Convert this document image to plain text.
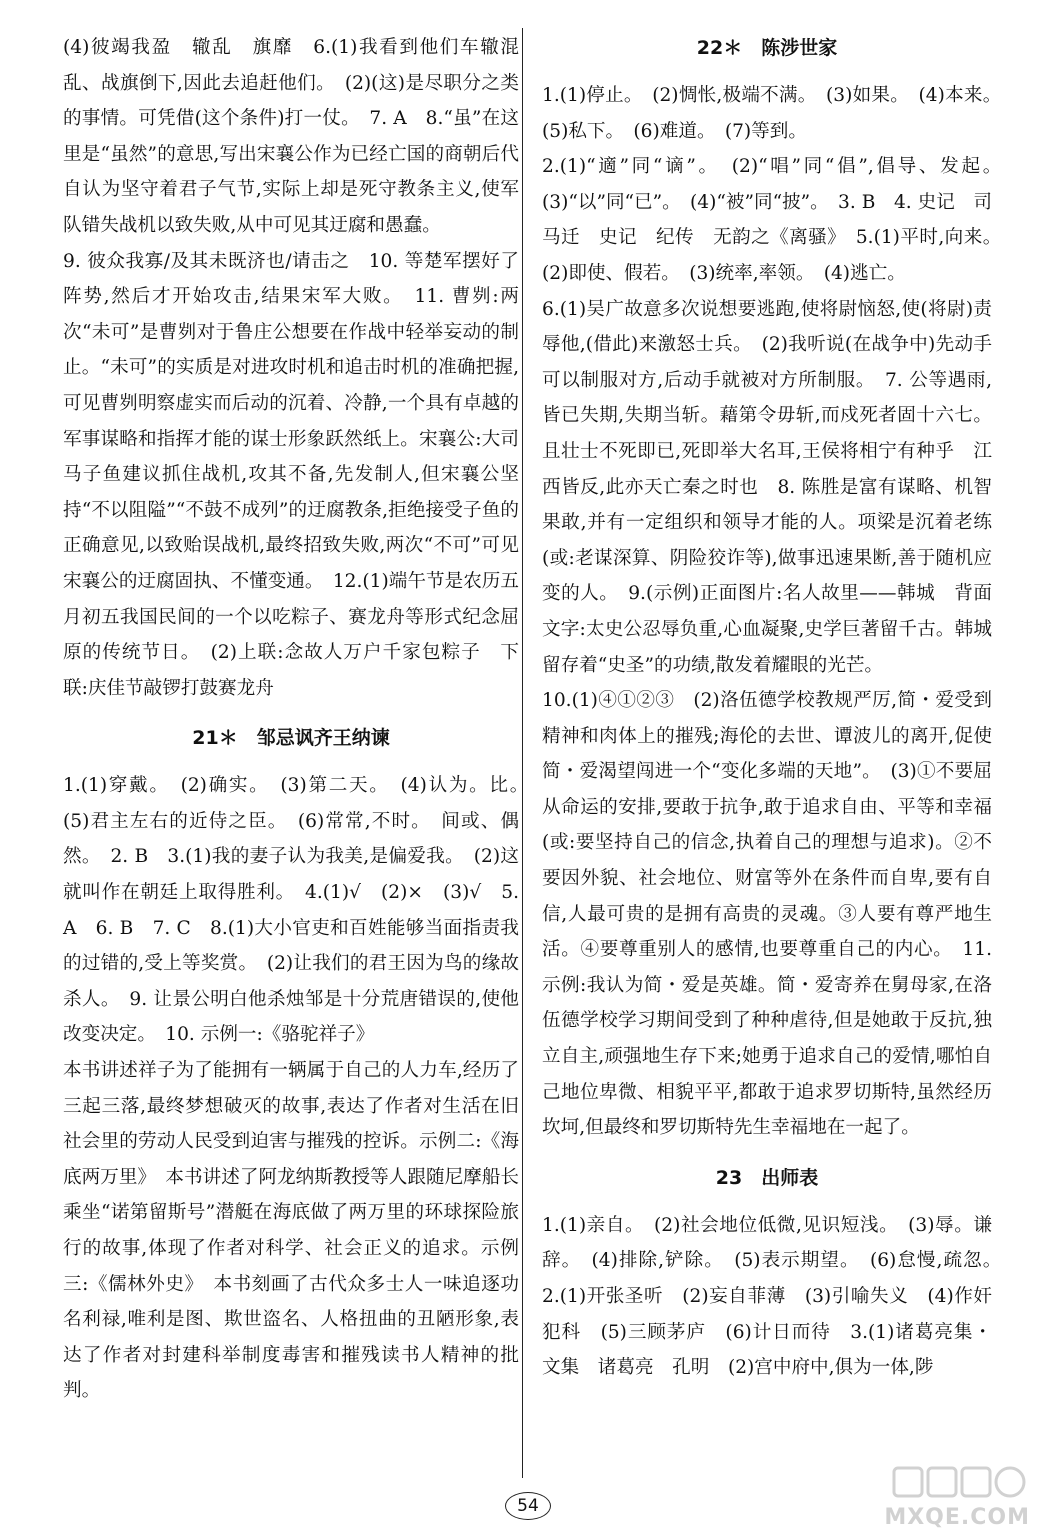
(4)彼竭我盈　辙乱　旗靡　6.(1)我看到他们车辙混乱、战旗倒下,因此去追赶他们。　(2)(这)是尽职分之类的事情。可凭借(这个条件)打一仗。　7. A　8.“虽”在这里是“虽然”的意思,写出宋襄公作为已经亡国的商朝后代自认为坚守着君子气节,实际上却是死守教条主义,使军队错失战机以致失败,从中可见其迂腐和愚蠢。

9. 彼众我寡/及其未既济也/请击之　10. 等楚军摆好了阵势,然后才开始攻击,结果宋军大败。　11. 曹刿:两次“未可”是曹刿对于鲁庄公想要在作战中轻举妄动的制止。“未可”的实质是对进攻时机和追击时机的准确把握,可见曹刿明察虚实而后动的沉着、冷静,一个具有卓越的军事谋略和指挥才能的谋士形象跃然纸上。宋襄公:大司马子鱼建议抓住战机,攻其不备,先发制人,但宋襄公坚持“不以阻隘”“不鼓不成列”的迂腐教条,拒绝接受子鱼的正确意见,以致贻误战机,最终招致失败,两次“不可”可见宋襄公的迂腐固执、不懂变通。　12.(1)端午节是农历五月初五我国民间的一个以吃粽子、赛龙舟等形式纪念屈原的传统节日。　(2)上联:念故人万户千家包粽子　下联:庆佳节敲锣打鼓赛龙舟

21＊　邹忌讽齐王纳谏

1.(1)穿戴。　(2)确实。　(3)第二天。　(4)认为。比。　(5)君主左右的近侍之臣。　(6)常常,不时。　间或、偶然。　2. B　3.(1)我的妻子认为我美,是偏爱我。　(2)这就叫作在朝廷上取得胜利。　4.(1)√　(2)×　(3)√　5. A　6. B　7. C　8.(1)大小官吏和百姓能够当面指责我的过错的,受上等奖赏。　(2)让我们的君王因为鸟的缘故杀人。　9. 让景公明白他杀烛邹是十分荒唐错误的,使他改变决定。　10. 示例一:《骆驼祥子》

本书讲述祥子为了能拥有一辆属于自己的人力车,经历了三起三落,最终梦想破灭的故事,表达了作者对生活在旧社会里的劳动人民受到迫害与摧残的控诉。示例二:《海底两万里》　本书讲述了阿龙纳斯教授等人跟随尼摩船长乘坐“诺第留斯号”潜艇在海底做了两万里的环球探险旅行的故事,体现了作者对科学、社会正义的追求。示例三:《儒林外史》　本书刻画了古代众多士人一味追逐功名利禄,唯利是图、欺世盗名、人格扭曲的丑陋形象,表达了作者对封建科举制度毒害和摧残读书人精神的批判。

22＊　陈涉世家

1.(1)停止。　(2)惆怅,极端不满。　(3)如果。　(4)本来。　(5)私下。　(6)难道。　(7)等到。

2.(1)“適”同“谪”。　(2)“唱”同“倡”,倡导、发起。　(3)“以”同“已”。　(4)“被”同“披”。　3. B　4. 史记　司马迁　史记　纪传　无韵之《离骚》　5.(1)平时,向来。　(2)即使、假若。　(3)统率,率领。　(4)逃亡。

6.(1)吴广故意多次说想要逃跑,使将尉恼怒,使(将尉)责辱他,(借此)来激怒士兵。　(2)我听说(在战争中)先动手可以制服对方,后动手就被对方所制服。　7. 公等遇雨,皆已失期,失期当斩。藉第令毋斩,而戍死者固十六七。且壮士不死即已,死即举大名耳,王侯将相宁有种乎　江西皆反,此亦天亡秦之时也　8. 陈胜是富有谋略、机智果敢,并有一定组织和领导才能的人。项梁是沉着老练(或:老谋深算、阴险狡诈等),做事迅速果断,善于随机应变的人。　9.(示例)正面图片:名人故里——韩城　背面文字:太史公忍辱负重,心血凝聚,史学巨著留千古。韩城留存着“史圣”的功绩,散发着耀眼的光芒。

10.(1)④①②③　(2)洛伍德学校教规严厉,简・爱受到精神和肉体上的摧残;海伦的去世、谭波儿的离开,促使简・爱渴望闯进一个“变化多端的天地”。　(3)①不要屈从命运的安排,要敢于抗争,敢于追求自由、平等和幸福(或:要坚持自己的信念,执着自己的理想与追求)。②不要因外貌、社会地位、财富等外在条件而自卑,要有自信,人最可贵的是拥有高贵的灵魂。③人要有尊严地生活。④要尊重别人的感情,也要尊重自己的内心。　11. 示例:我认为简・爱是英雄。简・爱寄养在舅母家,在洛伍德学校学习期间受到了种种虐待,但是她敢于反抗,独立自主,顽强地生存下来;她勇于追求自己的爱情,哪怕自己地位卑微、相貌平平,都敢于追求罗切斯特,虽然经历坎坷,但最终和罗切斯特先生幸福地在一起了。

23　出师表

1.(1)亲自。　(2)社会地位低微,见识短浅。　(3)辱。谦辞。　(4)排除,铲除。　(5)表示期望。　(6)怠慢,疏忽。　2.(1)开张圣听　(2)妄自菲薄　(3)引喻失义　(4)作奸犯科　(5)三顾茅庐　(6)计日而待　3.(1)诸葛亮集・文集　诸葛亮　孔明　(2)宫中府中,俱为一体,陟

54	MXQE.COM
